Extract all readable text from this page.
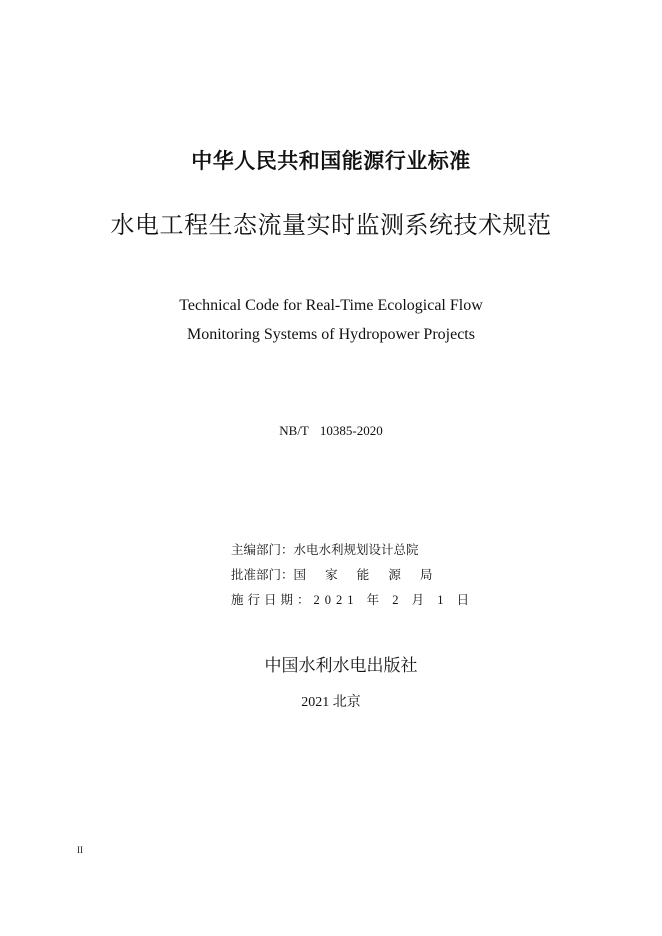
中华人民共和国能源行业标准
水电工程生态流量实时监测系统技术规范
Technical Code for Real-Time Ecological Flow
Monitoring Systems of Hydropower Projects
NB/T 10385-2020
主编部门：水电水利规划设计总院
批准部门：国 家 能 源 局
施行日期：2021 年 2 月 1 日
中国水利水电出版社
2021 北京
II
